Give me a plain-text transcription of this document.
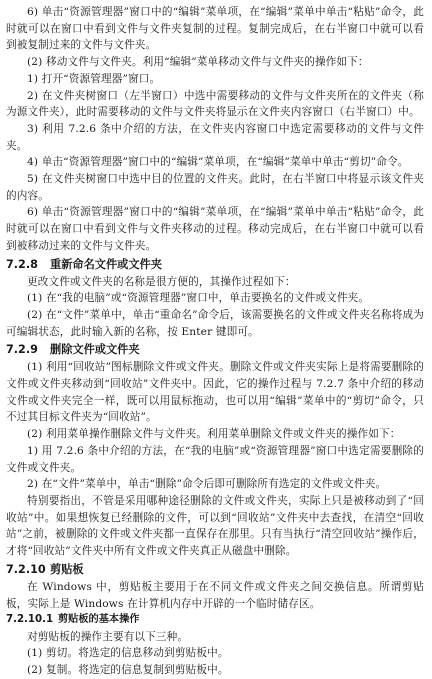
6) 单击“资源管理器”窗口中的“编辑”菜单项，在“编辑”菜单中单击“粘贴”命令，此时就可以在窗口中看到文件与文件夹复制的过程。复制完成后，在右半窗口中就可以看到被复制过来的文件与文件夹。

(2) 移动文件与文件夹。利用“编辑”菜单移动文件与文件夹的操作如下：

1) 打开“资源管理器”窗口。

2) 在文件夹树窗口（左半窗口）中选中需要移动的文件与文件夹所在的文件夹（称为源文件夹），此时需要移动的文件与文件夹将显示在文件夹内容窗口（右半窗口）中。

3) 利用 7.2.6 条中介绍的方法，在文件夹内容窗口中选定需要移动的文件与文件夹。

4) 单击“资源管理器”窗口中的“编辑”菜单项，在“编辑”菜单中单击“剪切”命令。

5) 在文件夹树窗口中选中目的位置的文件夹。此时，在右半窗口中将显示该文件夹的内容。

6) 单击“资源管理器”窗口中的“编辑”菜单项，在“编辑”菜单中单击“粘贴”命令，此时就可以在窗口中看到文件与文件夹移动的过程。移动完成后，在右半窗口中就可以看到被移动过来的文件与文件夹。

7.2.8 重新命名文件或文件夹

更改文件或文件夹的名称是很方便的，其操作过程如下：

(1) 在“我的电脑”或“资源管理器”窗口中，单击要换名的文件或文件夹。

(2) 在“文件”菜单中，单击“重命名”命令后，该需要换名的文件或文件夹名称将成为可编辑状态，此时输入新的名称，按 Enter 键即可。

7.2.9 删除文件或文件夹

(1) 利用“回收站”图标删除文件或文件夹。删除文件或文件夹实际上是将需要删除的文件或文件夹移动到“回收站”文件夹中。因此，它的操作过程与 7.2.7 条中介绍的移动文件或文件夹完全一样，既可以用鼠标拖动，也可以用“编辑”菜单中的“剪切”命令，只不过其目标文件夹为“回收站”。

(2) 利用菜单操作删除文件与文件夹。利用菜单删除文件或文件夹的操作如下：

1) 用 7.2.6 条中介绍的方法，在“我的电脑”或“资源管理器”窗口中选定需要删除的文件或文件夹。

2) 在“文件”菜单中，单击“删除”命令后即可删除所有选定的文件或文件夹。

特别要指出，不管是采用哪种途径删除的文件或文件夹，实际上只是被移动到了“回收站”中。如果想恢复已经删除的文件，可以到“回收站”文件夹中去查找，在清空“回收站”之前，被删除的文件或文件夹都一直保存在那里。只有当执行“清空回收站”操作后，才将“回收站”文件夹中所有文件或文件夹真正从磁盘中删除。

7.2.10 剪贴板

在 Windows 中，剪贴板主要用于在不同文件或文件夹之间交换信息。所谓剪贴板，实际上是 Windows 在计算机内存中开辟的一个临时储存区。

7.2.10.1 剪贴板的基本操作

对剪贴板的操作主要有以下三种。

(1) 剪切。将选定的信息移动到剪贴板中。

(2) 复制。将选定的信息复制到剪贴板中。
